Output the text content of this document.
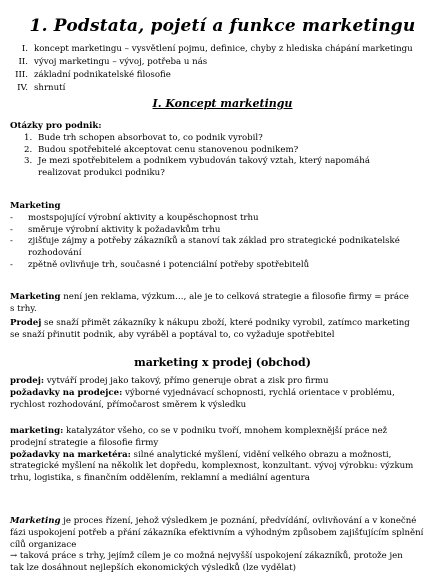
1. Podstata, pojetí a funkce marketingu
I. koncept marketingu – vysvětlení pojmu, definice, chyby z hlediska chápání marketingu
II. vývoj marketingu – vývoj, potřeba u nás
III. základní podnikatelské filosofie
IV. shrnutí
I. Koncept marketingu
Otázky pro podnik:
1. Bude trh schopen absorbovat to, co podnik vyrobil?
2. Budou spotřebitelé akceptovat cenu stanovenou podnikem?
3. Je mezi spotřebitelem a podnikem vybudován takový vztah, který napomáhá
realizovat produkci podniku?
Marketing
- mostspojující výrobní aktivity a koupěschopnost trhu
- směruje výrobní aktivity k požadavkům trhu
- zjišťuje zájmy a potřeby zákazníků a stanoví tak základ pro strategické podnikatelské
rozhodování
- zpětně ovlivňuje trh, současné i potenciální potřeby spotřebitelů
Marketing není jen reklama, výzkum…, ale je to celková strategie a filosofie firmy = práce
s trhy.
Prodej se snaží přimět zákazníky k nákupu zboží, které podniky vyrobil, zatímco marketing
se snaží přinutit podnik, aby vyráběl a poptával to, co vyžaduje spotřebitel
marketing x prodej (obchod)
prodej: vytváří prodej jako takový, přímo generuje obrat a zisk pro firmu
požadavky na prodejce: výborné vyjednávací schopnosti, rychlá orientace v problému,
rychlost rozhodování, přímočarost směrem k výsledku
marketing: katalyzátor všeho, co se v podniku tvoří, mnohem komplexnější práce než
prodejní strategie a filosofie firmy
požadavky na marketéra: silné analytické myšlení, vidění velkého obrazu a možnosti,
strategické myšlení na několik let dopředu, komplexnost, konzultant. vývoj výrobku: výzkum
trhu, logistika, s finančním oddělením, reklamní a mediální agentura
Marketing je proces řízení, jehož výsledkem je poznání, předvídání, ovlivňování a v konečné
fázi uspokojení potřeb a přání zákazníka efektivním a výhodným způsobem zajišťujícím splnění
cílů organizace
→ taková práce s trhy, jejímž cílem je co možná nejvyšší uspokojení zákazníků, protože jen
tak lze dosáhnout nejlepších ekonomických výsledků (lze vydělat)
